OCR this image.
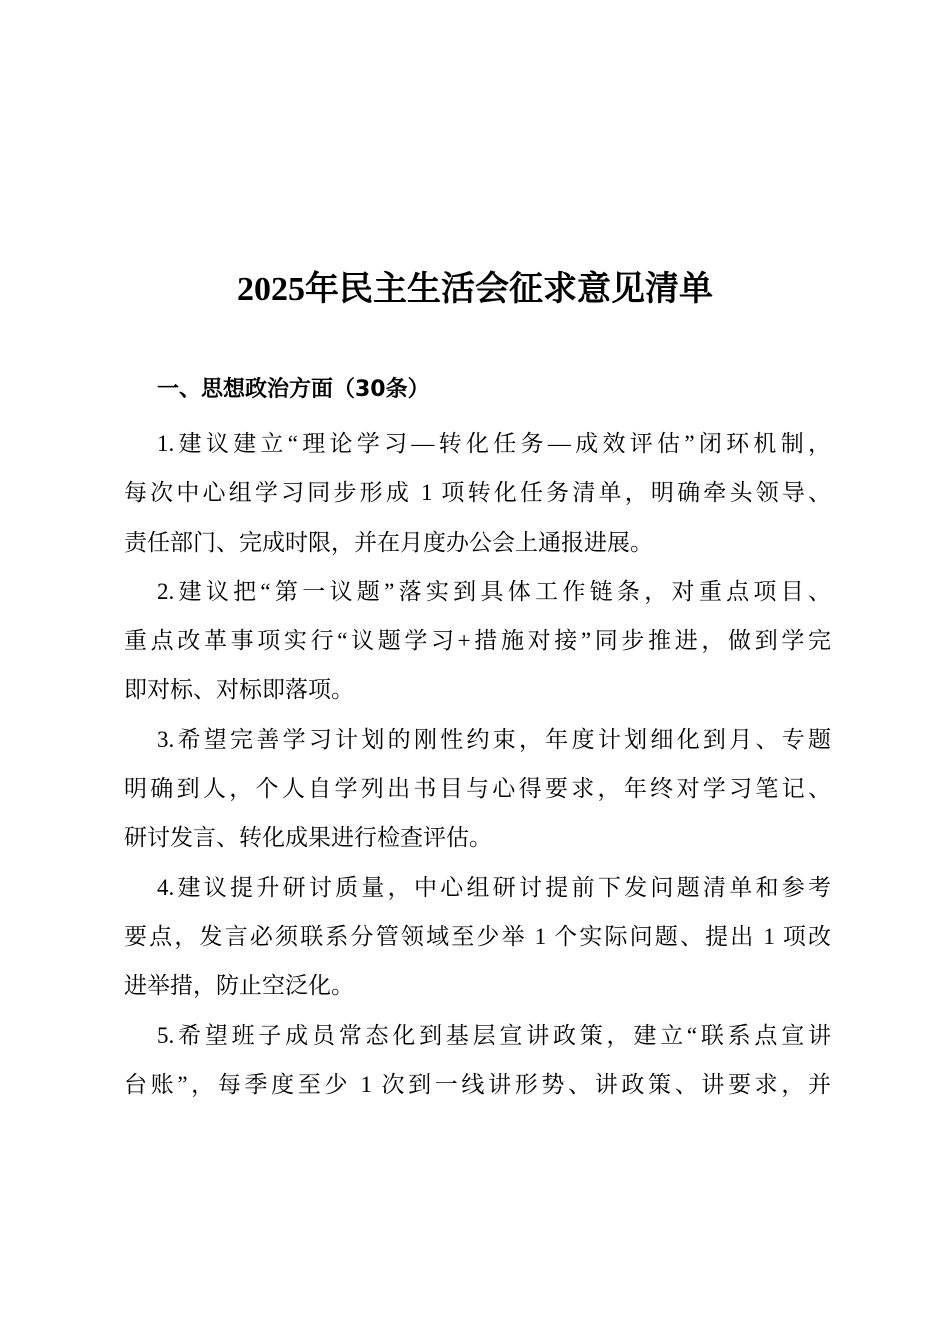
2025年民主生活会征求意见清单
一、思想政治方面（30条）
1.建议建立“理论学习—转化任务—成效评估”闭环机制，
每次中心组学习同步形成 1 项转化任务清单，明确牵头领导、
责任部门、完成时限，并在月度办公会上通报进展。
2.建议把“第一议题”落实到具体工作链条，对重点项目、
重点改革事项实行“议题学习+措施对接”同步推进，做到学完
即对标、对标即落项。
3.希望完善学习计划的刚性约束，年度计划细化到月、专题
明确到人，个人自学列出书目与心得要求，年终对学习笔记、
研讨发言、转化成果进行检查评估。
4.建议提升研讨质量，中心组研讨提前下发问题清单和参考
要点，发言必须联系分管领域至少举 1 个实际问题、提出 1 项改
进举措，防止空泛化。
5.希望班子成员常态化到基层宣讲政策，建立“联系点宣讲
台账”，每季度至少 1 次到一线讲形势、讲政策、讲要求，并
